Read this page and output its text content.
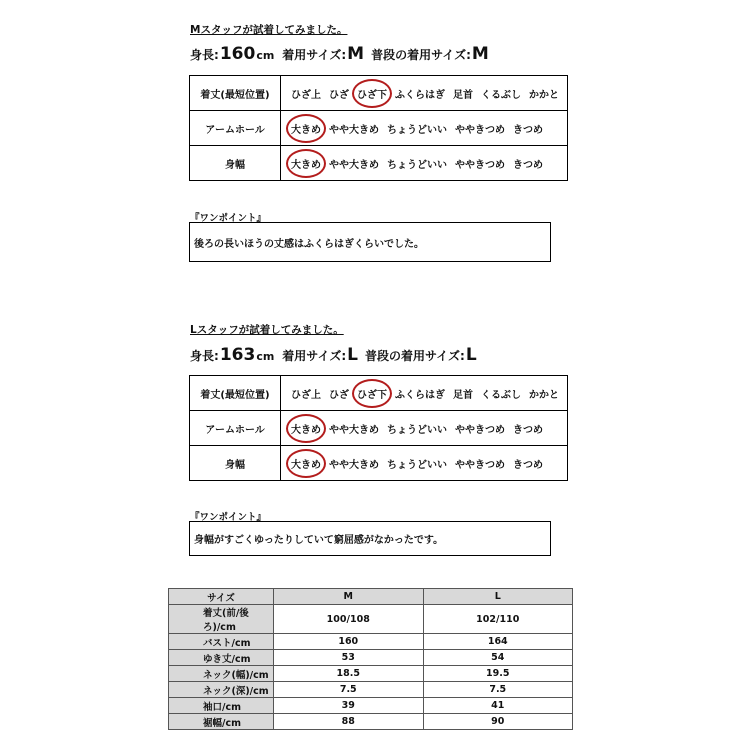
Mスタッフが試着してみました。
身長: 160 cm 着用サイズ: M 普段の着用サイズ: M
着丈(最短位置)	ひざ上 ひざ ひざ下 ふくらはぎ 足首 くるぶし かかと
アームホール	大きめ やや大きめ ちょうどいい ややきつめ きつめ
身幅	大きめ やや大きめ ちょうどいい ややきつめ きつめ
『ワンポイント』
後ろの長いほうの丈感はふくらはぎくらいでした。
Lスタッフが試着してみました。
身長: 163 cm 着用サイズ: L 普段の着用サイズ: L
着丈(最短位置)	ひざ上 ひざ ひざ下 ふくらはぎ 足首 くるぶし かかと
アームホール	大きめ やや大きめ ちょうどいい ややきつめ きつめ
身幅	大きめ やや大きめ ちょうどいい ややきつめ きつめ
『ワンポイント』
身幅がすごくゆったりしていて窮屈感がなかったです。
サイズ	M	L
着丈(前/後ろ)/cm	100/108	102/110
バスト/cm	160	164
ゆき丈/cm	53	54
ネック(幅)/cm	18.5	19.5
ネック(深)/cm	7.5	7.5
袖口/cm	39	41
裾幅/cm	88	90
